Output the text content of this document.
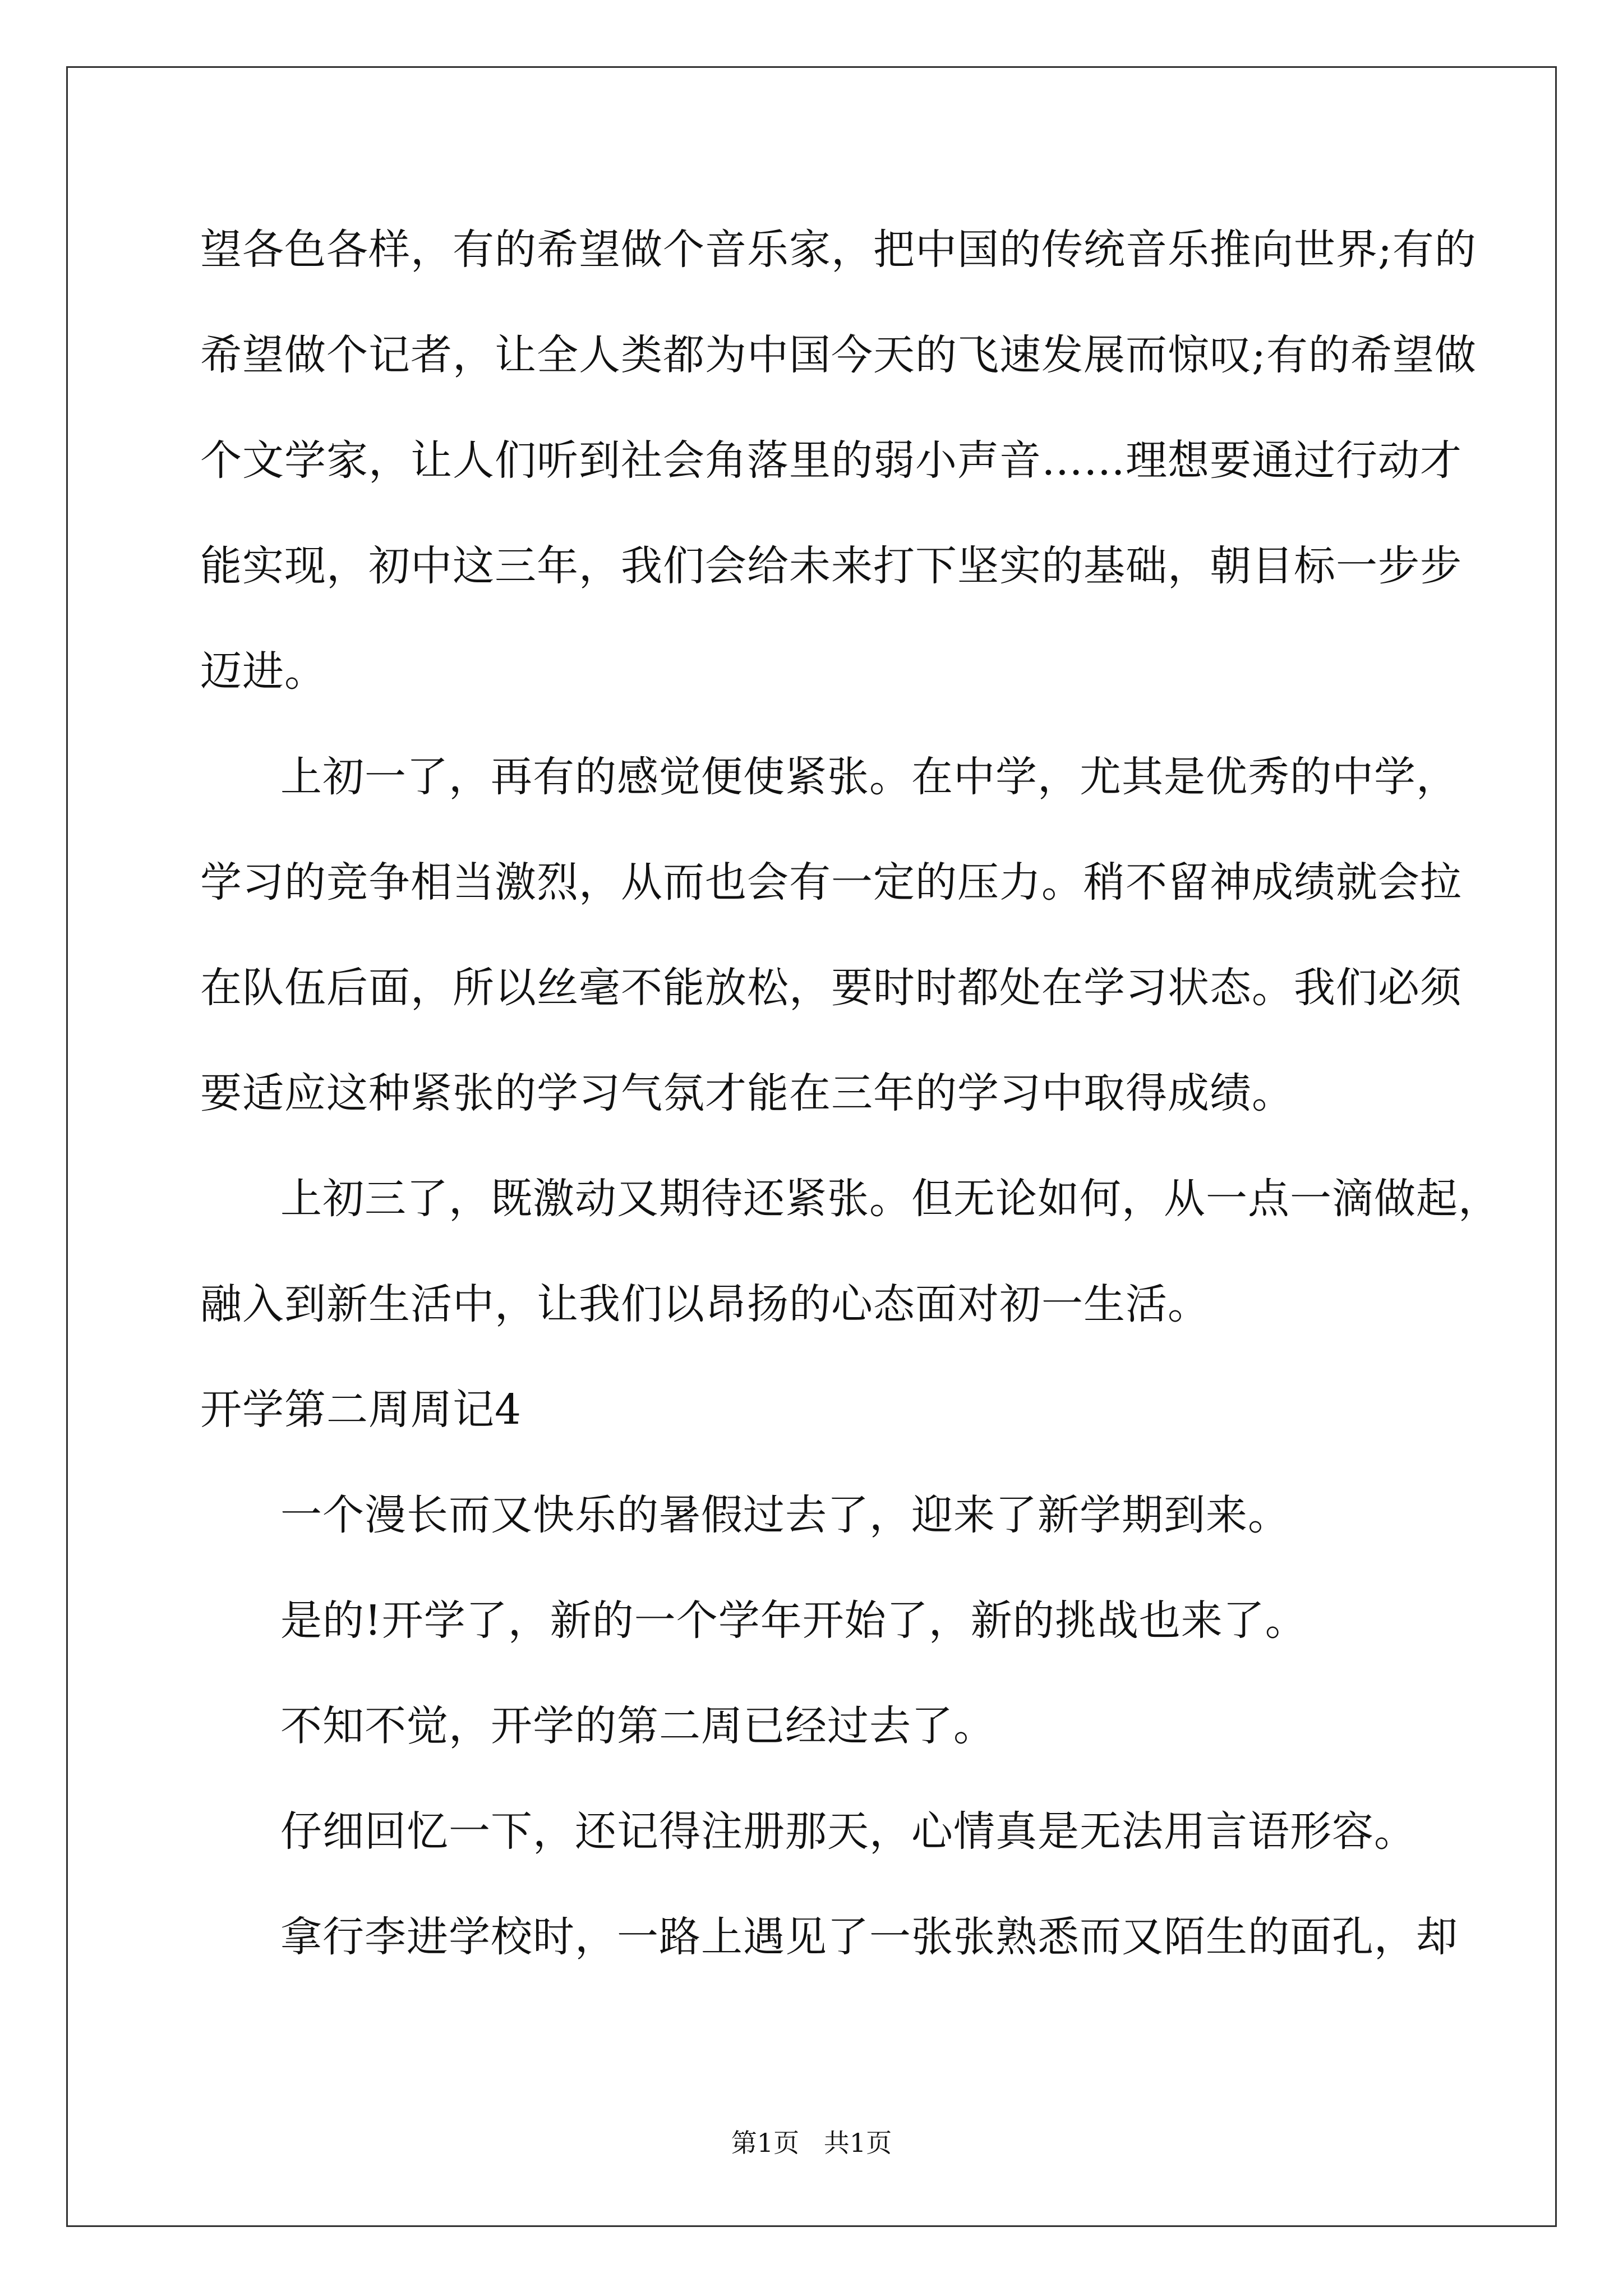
望各色各样，有的希望做个音乐家，把中国的传统音乐推向世界;有的
希望做个记者，让全人类都为中国今天的飞速发展而惊叹;有的希望做
个文学家，让人们听到社会角落里的弱小声音……理想要通过行动才
能实现，初中这三年，我们会给未来打下坚实的基础，朝目标一步步
迈进。
上初一了，再有的感觉便使紧张。在中学，尤其是优秀的中学，
学习的竞争相当激烈，从而也会有一定的压力。稍不留神成绩就会拉
在队伍后面，所以丝毫不能放松，要时时都处在学习状态。我们必须
要适应这种紧张的学习气氛才能在三年的学习中取得成绩。
上初三了，既激动又期待还紧张。但无论如何，从一点一滴做起，
融入到新生活中，让我们以昂扬的心态面对初一生活。
开学第二周周记4
一个漫长而又快乐的暑假过去了，迎来了新学期到来。
是的!开学了，新的一个学年开始了，新的挑战也来了。
不知不觉，开学的第二周已经过去了。
仔细回忆一下，还记得注册那天，心情真是无法用言语形容。
拿行李进学校时，一路上遇见了一张张熟悉而又陌生的面孔，却
第1页   共1页
